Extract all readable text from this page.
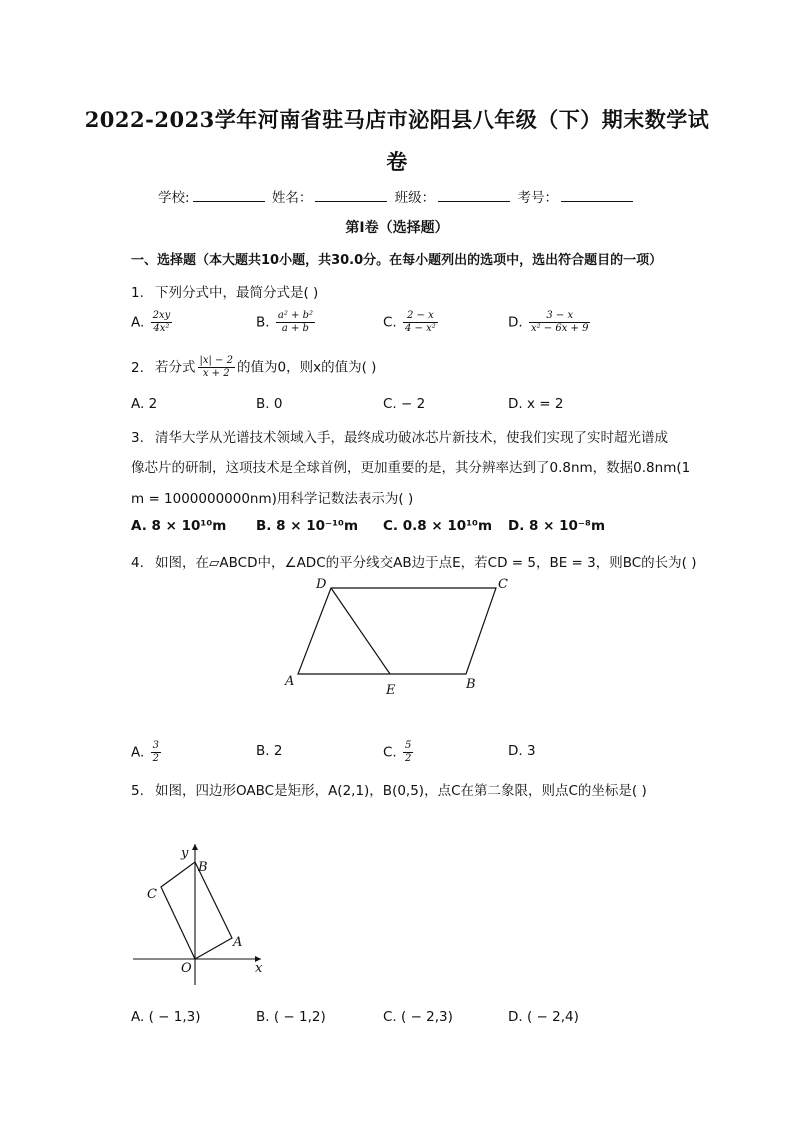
2022-2023学年河南省驻马店市泌阳县八年级（下）期末数学试
卷
学校:	姓名：	班级：	考号：
第Ⅰ卷（选择题）
一、选择题（本大题共10小题，共30.0分。在每小题列出的选项中，选出符合题目的一项）
1. 下列分式中，最简分式是( )
A. $\frac{2xy}{\text{4x²}}$	B. $\frac{\text{a² + b²}}{a + b}$	C. $\frac{2 - x}{\text{4 − x²}}$	D. $\frac{3 - x}{\text{x² − 6x + 9}}$
2. 若分式 $\frac{|x| - 2}{x + 2}$ 的值为0，则x的值为( )
A. 2	B. 0	C. − 2	D. x = 2
3. 清华大学从光谱技术领域入手，最终成功破冰芯片新技术，使我们实现了实时超光谱成
像芯片的研制，这项技术是全球首例，更加重要的是，其分辨率达到了0.8nm，数据0.8nm(1
m = 1000000000nm)用科学记数法表示为( )
A. 8 × 10¹⁰m B. 8 × 10⁻¹⁰m C. 0.8 × 10¹⁰m D. 8 × 10⁻⁸m
4. 如图，在▱ABCD中，∠ADC的平分线交AB边于点E，若CD = 5，BE = 3，则BC的长为( )
D	C
A
E	B
A. $\frac{3}{2}$	B. 2	C. $\frac{5}{2}$	D. 3
5. 如图，四边形OABC是矩形，A(2,1)，B(0,5)，点C在第二象限，则点C的坐标是( )
y
x
O
A
B
C
A. ( − 1,3)	B. ( − 1,2)	C. ( − 2,3)	D. ( − 2,4)
